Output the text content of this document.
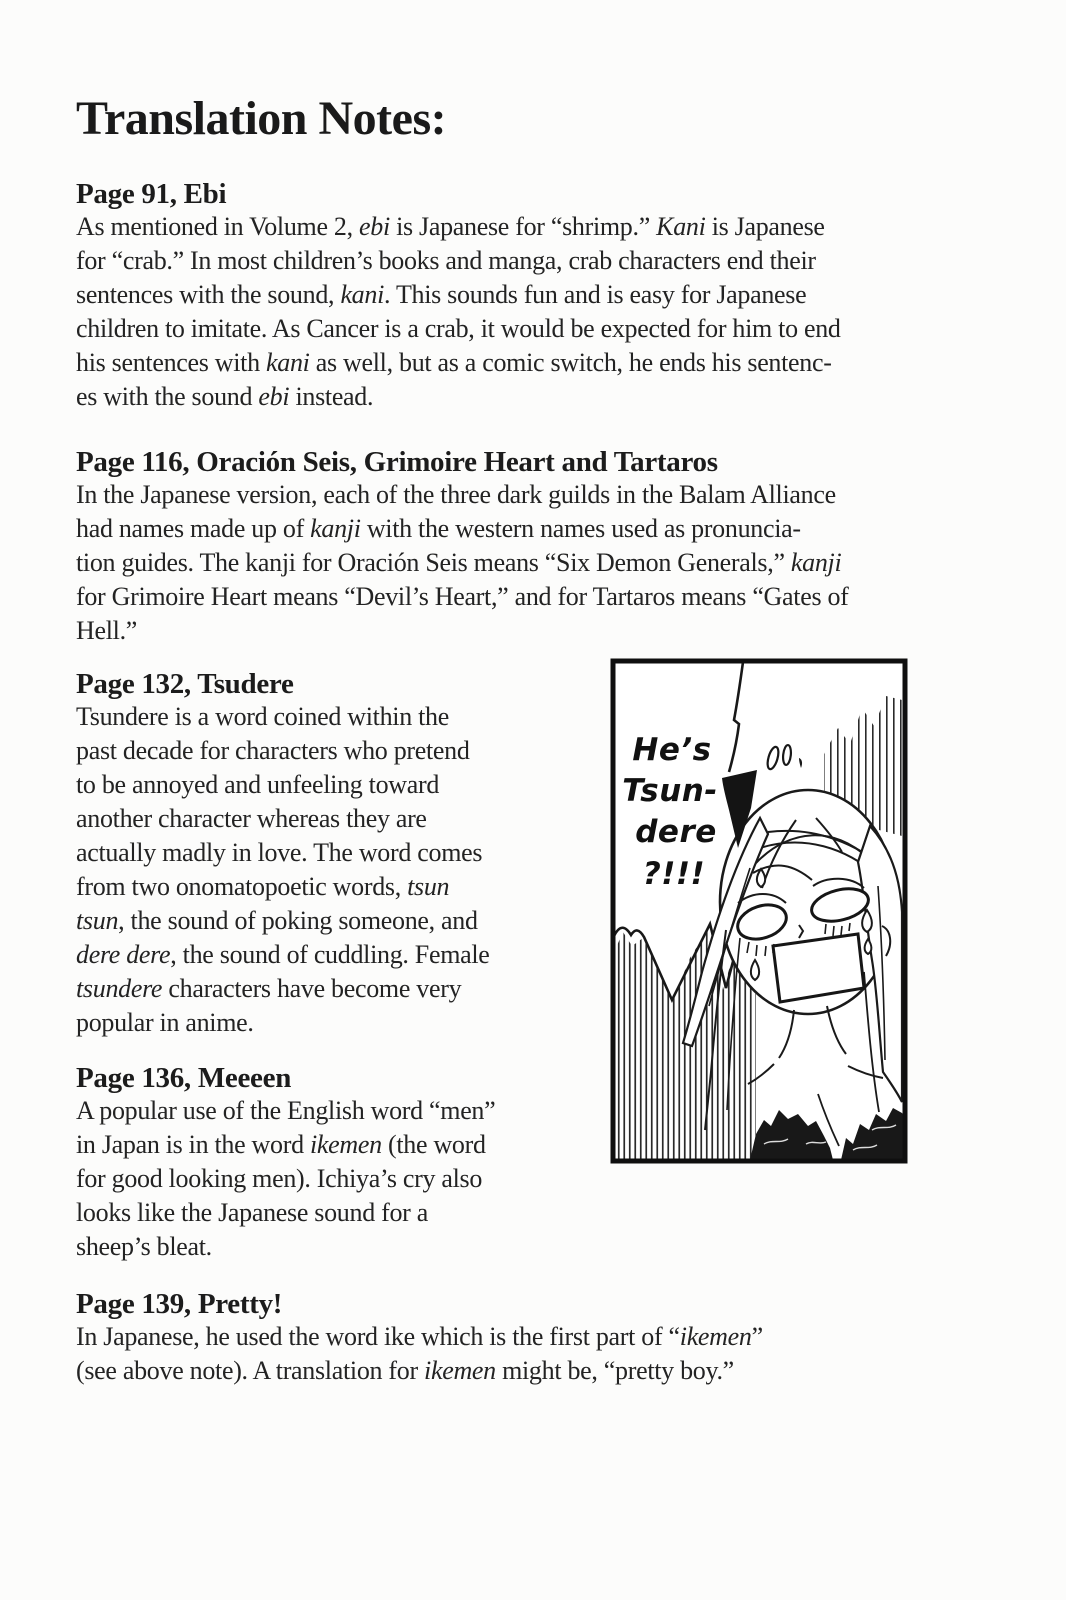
Translation Notes:
Page 91, Ebi
As mentioned in Volume 2, ebi is Japanese for “shrimp.” Kani is Japanese
for “crab.” In most children’s books and manga, crab characters end their
sentences with the sound, kani. This sounds fun and is easy for Japanese
children to imitate. As Cancer is a crab, it would be expected for him to end
his sentences with kani as well, but as a comic switch, he ends his sentenc-
es with the sound ebi instead.
Page 116, Oración Seis, Grimoire Heart and Tartaros
In the Japanese version, each of the three dark guilds in the Balam Alliance
had names made up of kanji with the western names used as pronuncia-
tion guides. The kanji for Oración Seis means “Six Demon Generals,” kanji
for Grimoire Heart means “Devil’s Heart,” and for Tartaros means “Gates of
Hell.”
Page 132, Tsudere
Tsundere is a word coined within the
past decade for characters who pretend
to be annoyed and unfeeling toward
another character whereas they are
actually madly in love. The word comes
from two onomatopoetic words, tsun
tsun, the sound of poking someone, and
dere dere, the sound of cuddling. Female
tsundere characters have become very
popular in anime.
Page 136, Meeeen
A popular use of the English word “men”
in Japan is in the word ikemen (the word
for good looking men). Ichiya’s cry also
looks like the Japanese sound for a
sheep’s bleat.
Page 139, Pretty!
In Japanese, he used the word ike which is the first part of “ikemen”
(see above note). A translation for ikemen might be, “pretty boy.”
He’s
Tsun-
dere
?!!!
